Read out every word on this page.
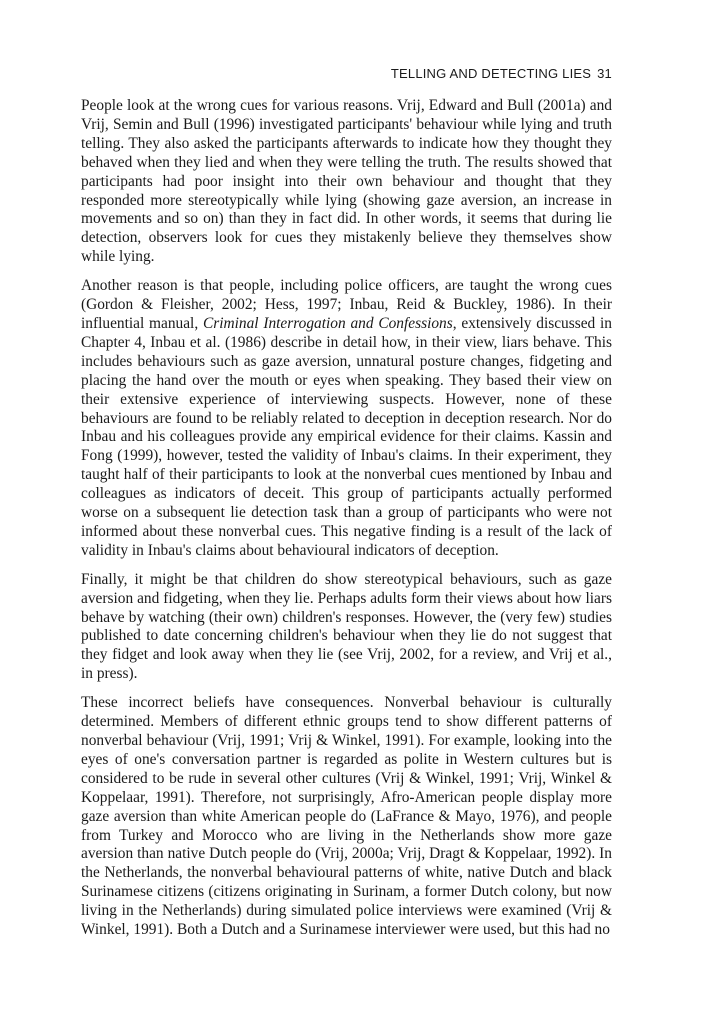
TELLING AND DETECTING LIES 31

People look at the wrong cues for various reasons. Vrij, Edward and Bull (2001a) and Vrij, Semin and Bull (1996) investigated participants' behaviour while lying and truth telling. They also asked the participants afterwards to indicate how they thought they behaved when they lied and when they were telling the truth. The results showed that participants had poor insight into their own behaviour and thought that they responded more stereotypically while lying (showing gaze aversion, an increase in movements and so on) than they in fact did. In other words, it seems that during lie detection, observers look for cues they mistakenly believe they themselves show while lying.

Another reason is that people, including police officers, are taught the wrong cues (Gordon & Fleisher, 2002; Hess, 1997; Inbau, Reid & Buckley, 1986). In their influential manual, Criminal Interrogation and Confessions, extensively discussed in Chapter 4, Inbau et al. (1986) describe in detail how, in their view, liars behave. This includes behaviours such as gaze aversion, unnatural posture changes, fidgeting and placing the hand over the mouth or eyes when speaking. They based their view on their extensive experience of interviewing suspects. However, none of these behaviours are found to be reliably related to deception in deception research. Nor do Inbau and his colleagues provide any empirical evidence for their claims. Kassin and Fong (1999), however, tested the validity of Inbau's claims. In their experiment, they taught half of their participants to look at the nonverbal cues mentioned by Inbau and colleagues as indicators of deceit. This group of participants actually performed worse on a subsequent lie detection task than a group of participants who were not informed about these nonverbal cues. This negative finding is a result of the lack of validity in Inbau's claims about behavioural indicators of deception.

Finally, it might be that children do show stereotypical behaviours, such as gaze aversion and fidgeting, when they lie. Perhaps adults form their views about how liars behave by watching (their own) children's responses. However, the (very few) studies published to date concerning children's behaviour when they lie do not suggest that they fidget and look away when they lie (see Vrij, 2002, for a review, and Vrij et al., in press).

These incorrect beliefs have consequences. Nonverbal behaviour is culturally determined. Members of different ethnic groups tend to show different patterns of nonverbal behaviour (Vrij, 1991; Vrij & Winkel, 1991). For example, looking into the eyes of one's conversation partner is regarded as polite in Western cultures but is considered to be rude in several other cultures (Vrij & Winkel, 1991; Vrij, Winkel & Koppelaar, 1991). Therefore, not surprisingly, Afro-American people display more gaze aversion than white American people do (LaFrance & Mayo, 1976), and people from Turkey and Morocco who are living in the Netherlands show more gaze aversion than native Dutch people do (Vrij, 2000a; Vrij, Dragt & Koppelaar, 1992). In the Netherlands, the nonverbal behavioural patterns of white, native Dutch and black Surinamese citizens (citizens originating in Surinam, a former Dutch colony, but now living in the Netherlands) during simulated police interviews were examined (Vrij & Winkel, 1991). Both a Dutch and a Surinamese interviewer were used, but this had no
